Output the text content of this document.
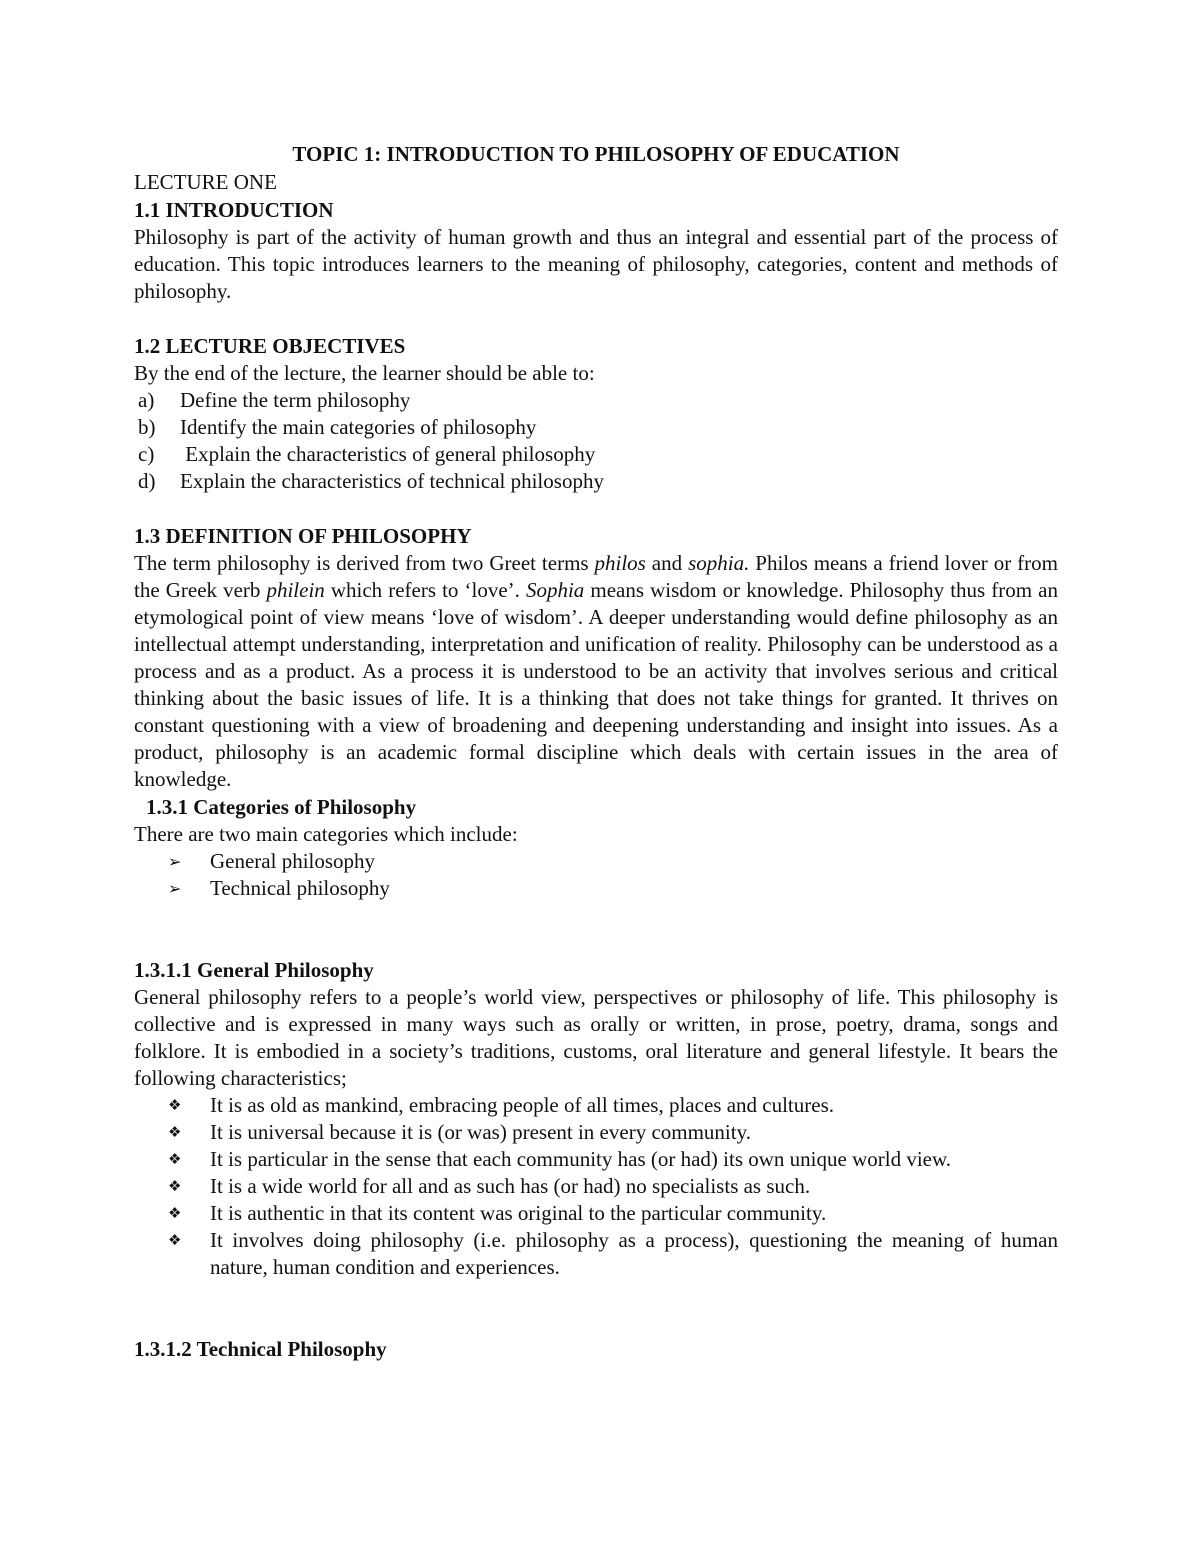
TOPIC 1: INTRODUCTION TO PHILOSOPHY OF EDUCATION
LECTURE ONE
1.1 INTRODUCTION

Philosophy is part of the activity of human growth and thus an integral and essential part of the process of education. This topic introduces learners to the meaning of philosophy, categories, content and methods of philosophy.

1.2 LECTURE OBJECTIVES

By the end of the lecture, the learner should be able to:

a)	Define the term philosophy
b)	Identify the main categories of philosophy
c)	Explain the characteristics of general philosophy
d)	Explain the characteristics of technical philosophy
1.3 DEFINITION OF PHILOSOPHY

The term philosophy is derived from two Greet terms philos and sophia. Philos means a friend lover or from the Greek verb philein which refers to ‘love’. Sophia means wisdom or knowledge. Philosophy thus from an etymological point of view means ‘love of wisdom’. A deeper understanding would define philosophy as an intellectual attempt understanding, interpretation and unification of reality. Philosophy can be understood as a process and as a product. As a process it is understood to be an activity that involves serious and critical thinking about the basic issues of life. It is a thinking that does not take things for granted. It thrives on constant questioning with a view of broadening and deepening understanding and insight into issues. As a product, philosophy is an academic formal discipline which deals with certain issues in the area of knowledge.

1.3.1 Categories of Philosophy

There are two main categories which include:

➢	General philosophy
➢	Technical philosophy
1.3.1.1 General Philosophy

General philosophy refers to a people’s world view, perspectives or philosophy of life. This philosophy is collective and is expressed in many ways such as orally or written, in prose, poetry, drama, songs and folklore. It is embodied in a society’s traditions, customs, oral literature and general lifestyle. It bears the following characteristics;

❖	It is as old as mankind, embracing people of all times, places and cultures.
❖	It is universal because it is (or was) present in every community.
❖	It is particular in the sense that each community has (or had) its own unique world view.
❖	It is a wide world for all and as such has (or had) no specialists as such.
❖	It is authentic in that its content was original to the particular community.
❖	It involves doing philosophy (i.e. philosophy as a process), questioning the meaning of human nature, human condition and experiences.
1.3.1.2 Technical Philosophy
